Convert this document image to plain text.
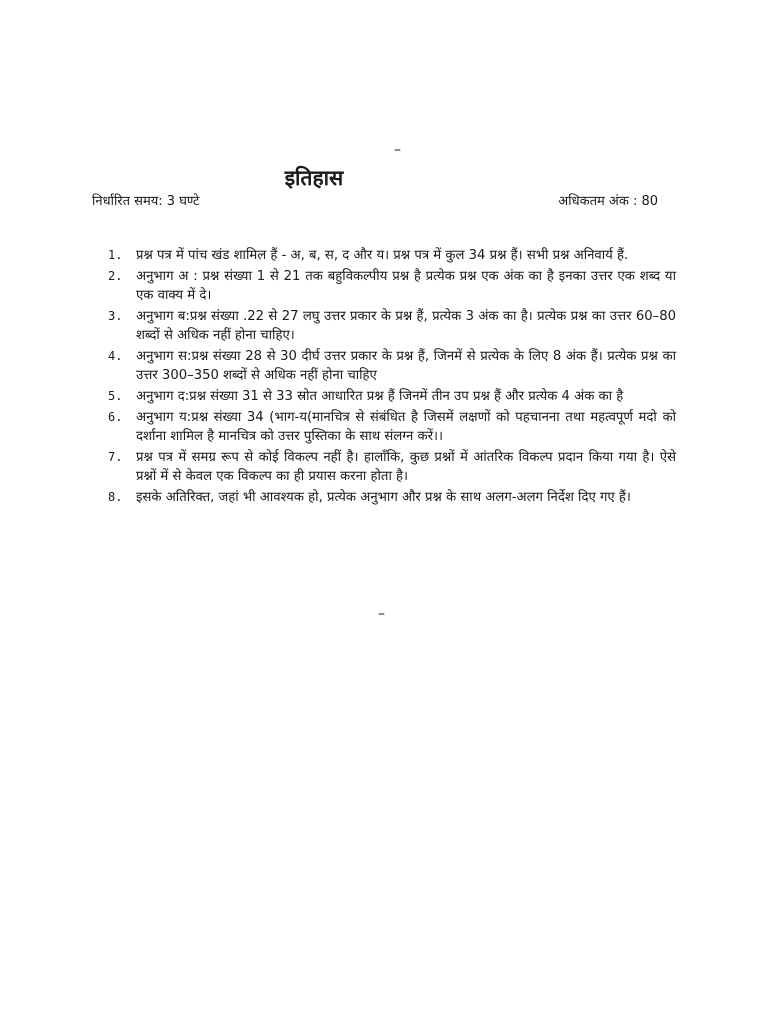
–
इतिहास
निर्धारित समय: 3 घण्टे	अधिकतम अंक : 80
1. प्रश्न पत्र में पांच खंड शामिल हैं - अ, ब, स, द और य। प्रश्न पत्र में कुल 34 प्रश्न हैं। सभी प्रश्न अनिवार्य हैं.
2. अनुभाग अ : प्रश्न संख्या 1 से 21 तक बहुविकल्पीय प्रश्न है प्रत्येक प्रश्न एक अंक का है इनका उत्तर एक शब्द या एक वाक्य में दे।
3. अनुभाग ब:प्रश्न संख्या .22 से 27 लघु उत्तर प्रकार के प्रश्न हैं, प्रत्येक 3 अंक का है। प्रत्येक प्रश्न का उत्तर 60–80 शब्दों से अधिक नहीं होना चाहिए।
4. अनुभाग स:प्रश्न संख्या 28 से 30 दीर्घ उत्तर प्रकार के प्रश्न हैं, जिनमें से प्रत्येक के लिए 8 अंक हैं। प्रत्येक प्रश्न का उत्तर 300–350 शब्दों से अधिक नहीं होना चाहिए
5. अनुभाग द:प्रश्न संख्या 31 से 33 स्रोत आधारित प्रश्न हैं जिनमें तीन उप प्रश्न हैं और प्रत्येक 4 अंक का है
6. अनुभाग य:प्रश्न संख्या 34 (भाग-य(मानचित्र से संबंधित है जिसमें लक्षणों को पहचानना तथा महत्वपूर्ण मदो को दर्शाना शामिल है मानचित्र को उत्तर पुस्तिका के साथ संलग्न करें।।
7. प्रश्न पत्र में समग्र रूप से कोई विकल्प नहीं है। हालाँकि, कुछ प्रश्नों में आंतरिक विकल्प प्रदान किया गया है। ऐसे प्रश्नों में से केवल एक विकल्प का ही प्रयास करना होता है।
8. इसके अतिरिक्त, जहां भी आवश्यक हो, प्रत्येक अनुभाग और प्रश्न के साथ अलग-अलग निर्देश दिए गए हैं।
–
